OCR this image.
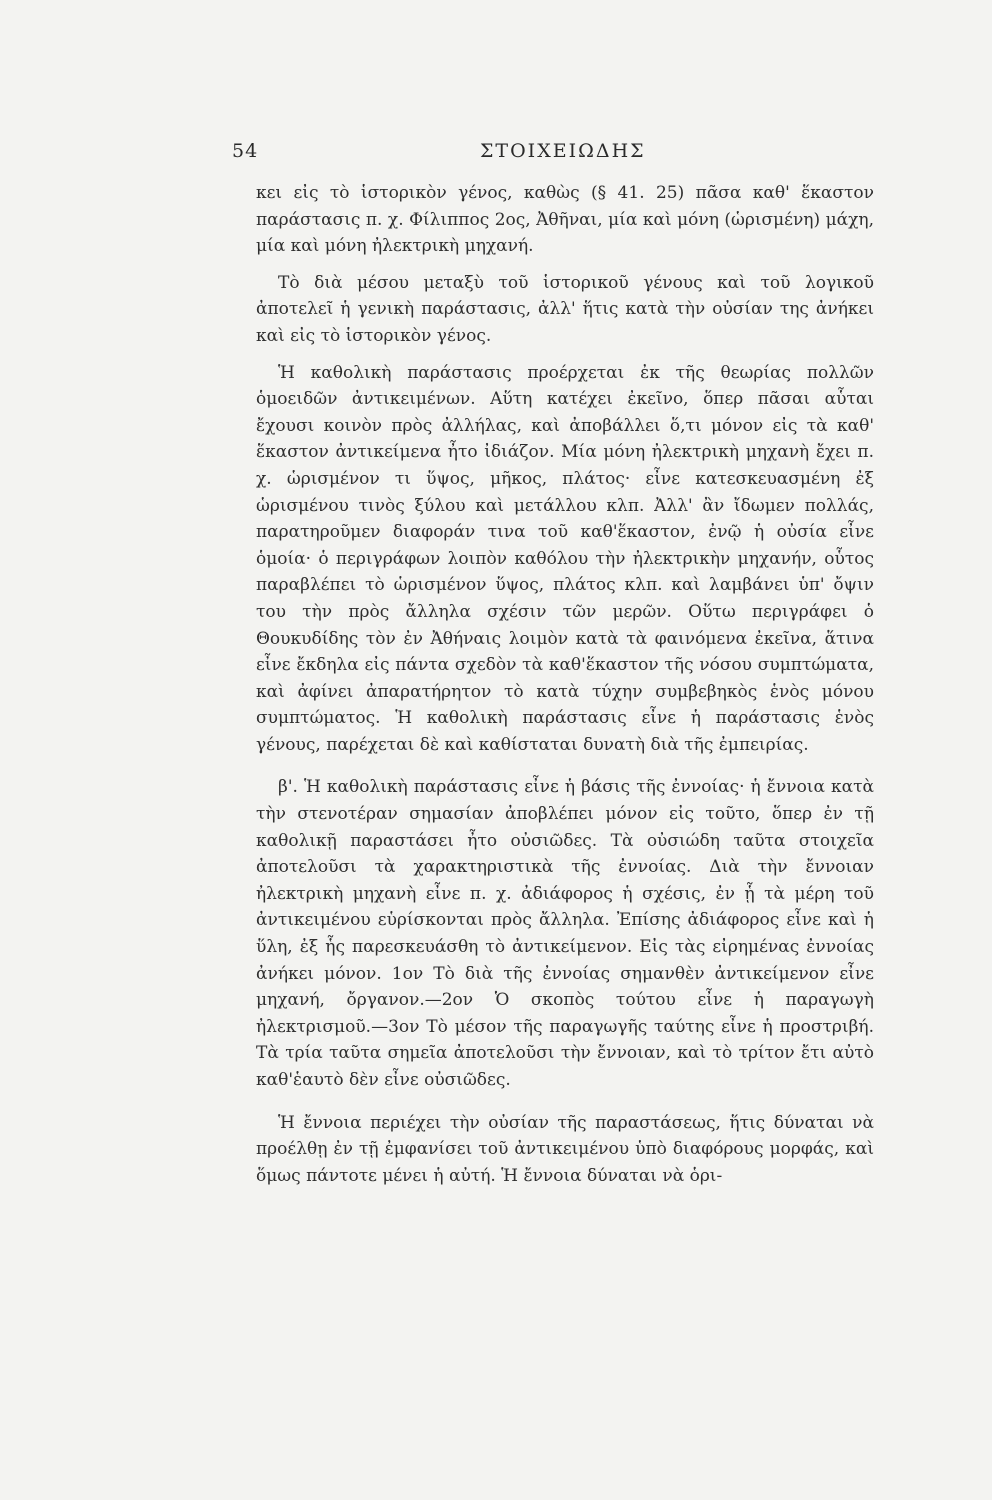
54	ΣΤΟΙΧΕΙΩΔΗΣ

κει εἰς τὸ ἱστορικὸν γένος, καθὼς (§ 41. 25) πᾶσα καθ' ἕκαστον παράστασις π. χ. Φίλιππος 2ος, Ἀθῆναι, μία καὶ μόνη (ὡρισμένη) μάχη, μία καὶ μόνη ἠλεκτρικὴ μηχανή.

Τὸ διὰ μέσου μεταξὺ τοῦ ἱστορικοῦ γένους καὶ τοῦ λογικοῦ ἀποτελεῖ ἡ γενικὴ παράστασις, ἀλλ' ἥτις κατὰ τὴν οὐσίαν της ἀνήκει καὶ εἰς τὸ ἱστορικὸν γένος.

Ἡ καθολικὴ παράστασις προέρχεται ἐκ τῆς θεωρίας πολλῶν ὁμοειδῶν ἀντικειμένων. Αὕτη κατέχει ἐκεῖνο, ὅπερ πᾶσαι αὗται ἔχουσι κοινὸν πρὸς ἀλλήλας, καὶ ἀποβάλλει ὅ,τι μόνον εἰς τὰ καθ' ἕκαστον ἀντικείμενα ἦτο ἰδιάζον. Μία μόνη ἠλεκτρικὴ μηχανὴ ἔχει π. χ. ὡρισμένον τι ὕψος, μῆκος, πλάτος· εἶνε κατεσκευασμένη ἐξ ὡρισμένου τινὸς ξύλου καὶ μετάλλου κλπ. Ἀλλ' ἂν ἴδωμεν πολλάς, παρατηροῦμεν διαφοράν τινα τοῦ καθ'ἕκαστον, ἐνῷ ἡ οὐσία εἶνε ὁμοία· ὁ περιγράφων λοιπὸν καθόλου τὴν ἠλεκτρικὴν μηχανήν, οὗτος παραβλέπει τὸ ὡρισμένον ὕψος, πλάτος κλπ. καὶ λαμβάνει ὑπ' ὄψιν του τὴν πρὸς ἄλληλα σχέσιν τῶν μερῶν. Οὕτω περιγράφει ὁ Θουκυδίδης τὸν ἐν Ἀθήναις λοιμὸν κατὰ τὰ φαινόμενα ἐκεῖνα, ἅτινα εἶνε ἔκδηλα εἰς πάντα σχεδὸν τὰ καθ'ἕκαστον τῆς νόσου συμπτώματα, καὶ ἀφίνει ἀπαρατήρητον τὸ κατὰ τύχην συμβεβηκὸς ἑνὸς μόνου συμπτώματος. Ἡ καθολικὴ παράστασις εἶνε ἡ παράστασις ἑνὸς γένους, παρέχεται δὲ καὶ καθίσταται δυνατὴ διὰ τῆς ἐμπειρίας.

β'. Ἡ καθολικὴ παράστασις εἶνε ἡ βάσις τῆς ἐννοίας· ἡ ἔννοια κατὰ τὴν στενοτέραν σημασίαν ἀποβλέπει μόνον εἰς τοῦτο, ὅπερ ἐν τῇ καθολικῇ παραστάσει ἦτο οὐσιῶδες. Τὰ οὐσιώδη ταῦτα στοιχεῖα ἀποτελοῦσι τὰ χαρακτηριστικὰ τῆς ἐννοίας. Διὰ τὴν ἔννοιαν ἠλεκτρικὴ μηχανὴ εἶνε π. χ. ἀδιάφορος ἡ σχέσις, ἐν ᾗ τὰ μέρη τοῦ ἀντικειμένου εὑρίσκονται πρὸς ἄλληλα. Ἐπίσης ἀδιάφορος εἶνε καὶ ἡ ὕλη, ἐξ ἧς παρεσκευάσθη τὸ ἀντικείμενον. Εἰς τὰς εἰρημένας ἐννοίας ἀνήκει μόνον. 1ον Τὸ διὰ τῆς ἐννοίας σημανθὲν ἀντικείμενον εἶνε μηχανή, ὄργανον.—2ον Ὁ σκοπὸς τούτου εἶνε ἡ παραγωγὴ ἠλεκτρισμοῦ.—3ον Τὸ μέσον τῆς παραγωγῆς ταύτης εἶνε ἡ προστριβή. Τὰ τρία ταῦτα σημεῖα ἀποτελοῦσι τὴν ἔννοιαν, καὶ τὸ τρίτον ἔτι αὐτὸ καθ'ἑαυτὸ δὲν εἶνε οὐσιῶδες.

Ἡ ἔννοια περιέχει τὴν οὐσίαν τῆς παραστάσεως, ἥτις δύναται νὰ προέλθῃ ἐν τῇ ἐμφανίσει τοῦ ἀντικειμένου ὑπὸ διαφόρους μορφάς, καὶ ὅμως πάντοτε μένει ἡ αὐτή. Ἡ ἔννοια δύναται νὰ ὁρι-
